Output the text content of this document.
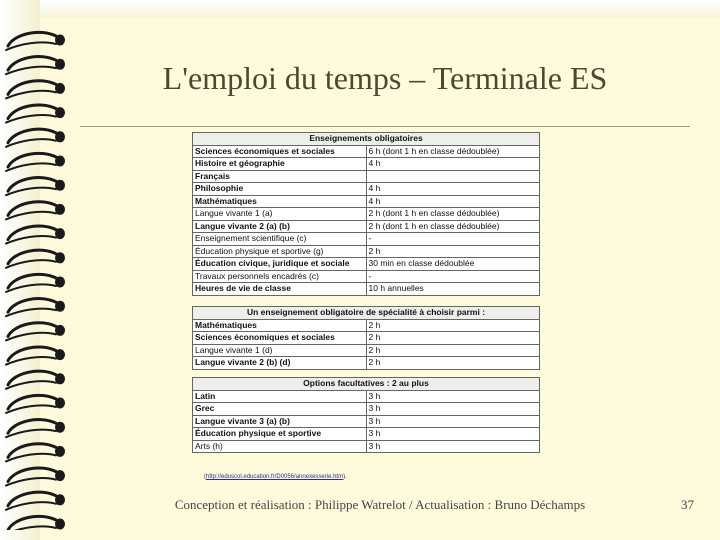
L'emploi du temps – Terminale ES
Enseignements obligatoires	
Sciences économiques et sociales	6 h (dont 1 h en classe dédoublée)
Histoire et géographie	4 h
Français	
Philosophie	4 h
Mathématiques	4 h
Langue vivante 1 (a)	2 h (dont 1 h en classe dédoublée)
Langue vivante 2 (a) (b)	2 h (dont 1 h en classe dédoublée)
Enseignement scientifique (c)	-
Éducation physique et sportive (g)	2 h
Éducation civique, juridique et sociale	30 min en classe dédoublée
Travaux personnels encadrés (c)	-
Heures de vie de classe	10 h annuelles
Un enseignement obligatoire de spécialité à choisir parmi :	
Mathématiques	2 h
Sciences économiques et sociales	2 h
Langue vivante 1 (d)	2 h
Langue vivante 2 (b) (d)	2 h
Options facultatives : 2 au plus	
Latin	3 h
Grec	3 h
Langue vivante 3 (a) (b)	3 h
Éducation physique et sportive	3 h
Arts (h)	3 h
(http://eduscol.education.fr/D0056/annexesserie.htm).
Conception et réalisation : Philippe Watrelot / Actualisation : Bruno Déchamps	37
